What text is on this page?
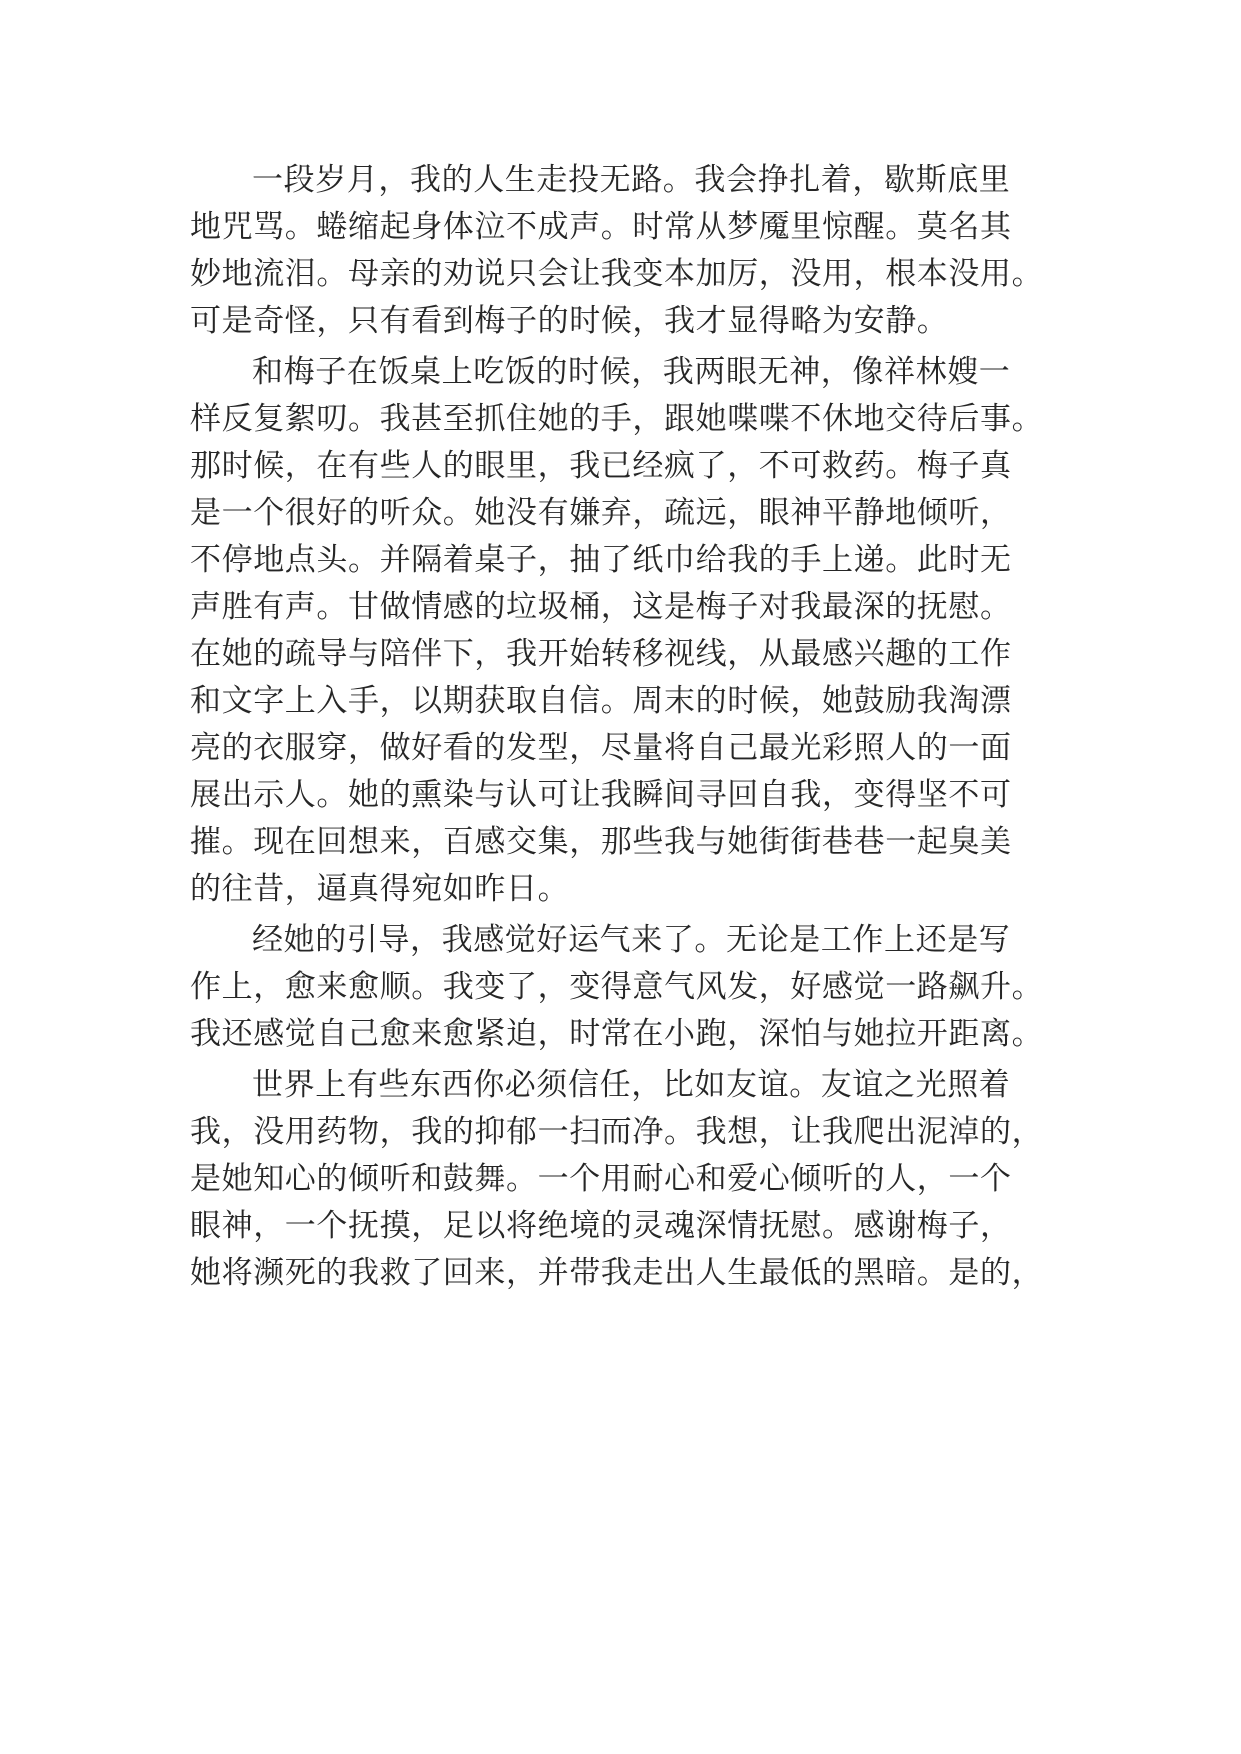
一段岁月，我的人生走投无路。我会挣扎着，歇斯底里
地咒骂。蜷缩起身体泣不成声。时常从梦魇里惊醒。莫名其
妙地流泪。母亲的劝说只会让我变本加厉，没用，根本没用。
可是奇怪，只有看到梅子的时候，我才显得略为安静。
和梅子在饭桌上吃饭的时候，我两眼无神，像祥林嫂一
样反复絮叨。我甚至抓住她的手，跟她喋喋不休地交待后事。
那时候，在有些人的眼里，我已经疯了，不可救药。梅子真
是一个很好的听众。她没有嫌弃，疏远，眼神平静地倾听，
不停地点头。并隔着桌子，抽了纸巾给我的手上递。此时无
声胜有声。甘做情感的垃圾桶，这是梅子对我最深的抚慰。
在她的疏导与陪伴下，我开始转移视线，从最感兴趣的工作
和文字上入手，以期获取自信。周末的时候，她鼓励我淘漂
亮的衣服穿，做好看的发型，尽量将自己最光彩照人的一面
展出示人。她的熏染与认可让我瞬间寻回自我，变得坚不可
摧。现在回想来，百感交集，那些我与她街街巷巷一起臭美
的往昔，逼真得宛如昨日。
经她的引导，我感觉好运气来了。无论是工作上还是写
作上，愈来愈顺。我变了，变得意气风发，好感觉一路飙升。
我还感觉自己愈来愈紧迫，时常在小跑，深怕与她拉开距离。
世界上有些东西你必须信任，比如友谊。友谊之光照着
我，没用药物，我的抑郁一扫而净。我想，让我爬出泥淖的，
是她知心的倾听和鼓舞。一个用耐心和爱心倾听的人，一个
眼神，一个抚摸，足以将绝境的灵魂深情抚慰。感谢梅子，
她将濒死的我救了回来，并带我走出人生最低的黑暗。是的，
